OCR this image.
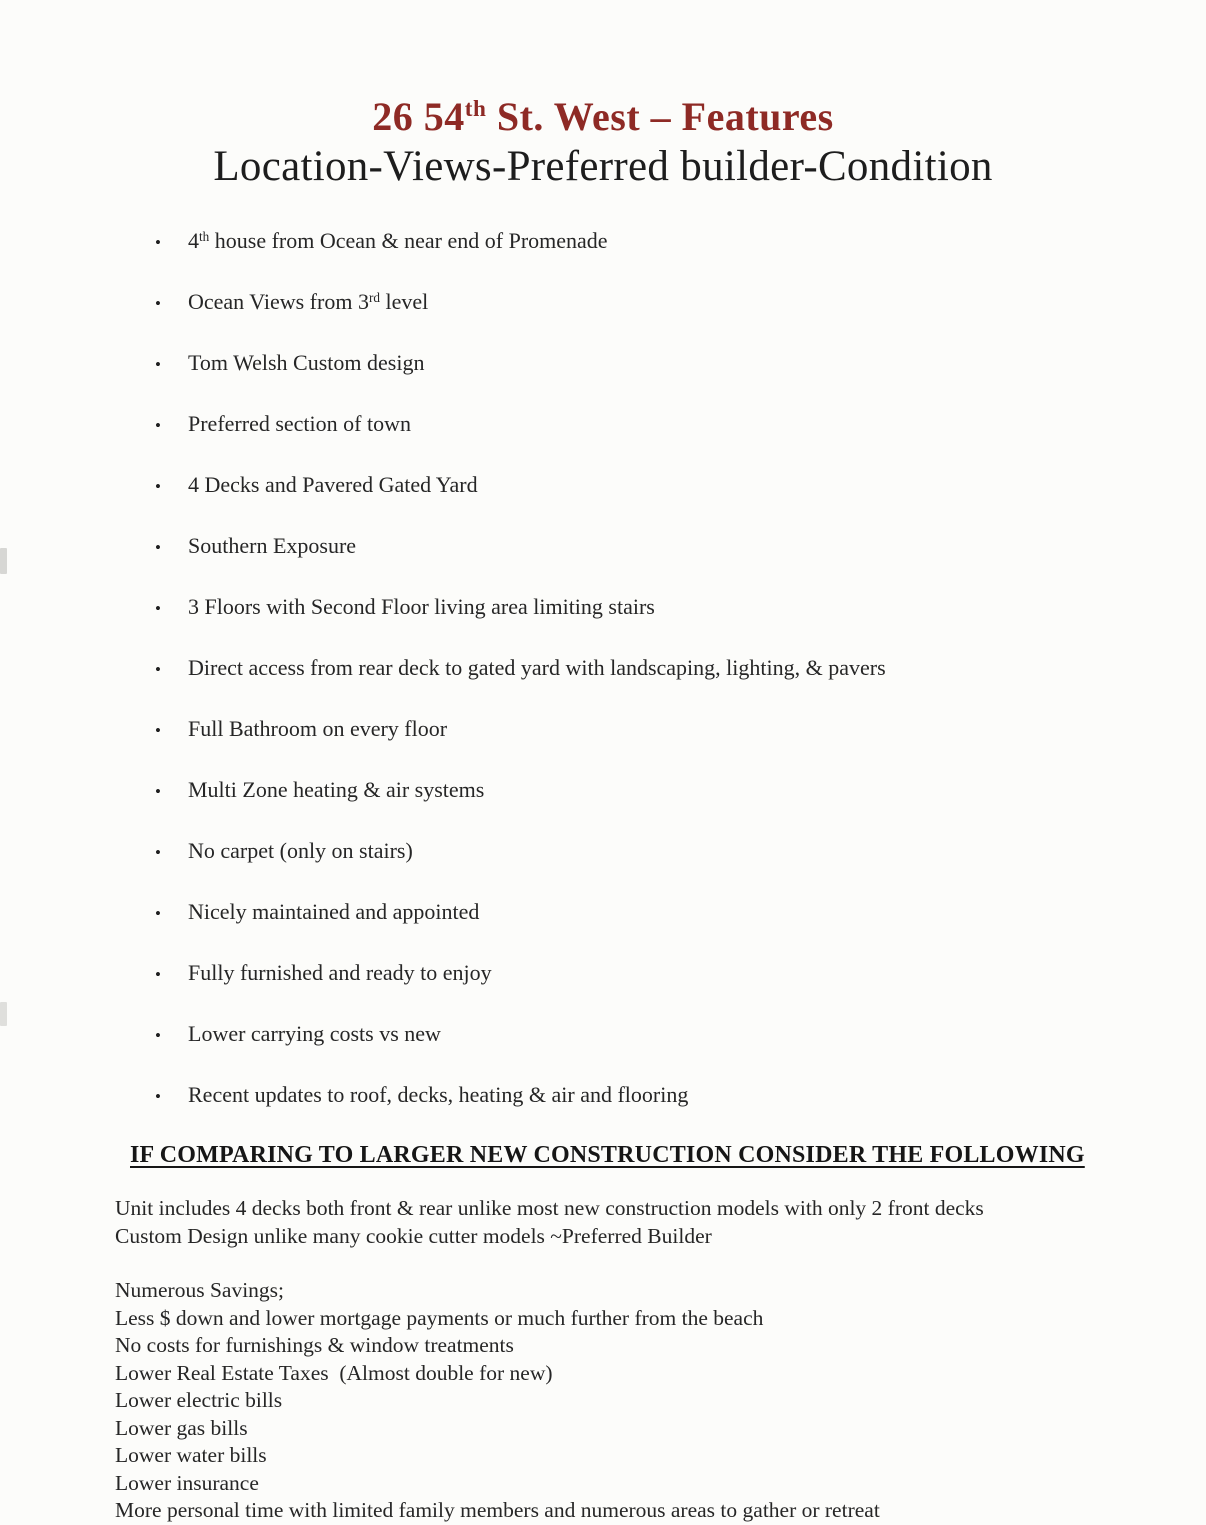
26 54th St. West – Features
Location-Views-Preferred builder-Condition
• 4th house from Ocean & near end of Promenade
• Ocean Views from 3rd level
• Tom Welsh Custom design
• Preferred section of town
• 4 Decks and Pavered Gated Yard
• Southern Exposure
• 3 Floors with Second Floor living area limiting stairs
• Direct access from rear deck to gated yard with landscaping, lighting, & pavers
• Full Bathroom on every floor
• Multi Zone heating & air systems
• No carpet (only on stairs)
• Nicely maintained and appointed
• Fully furnished and ready to enjoy
• Lower carrying costs vs new
• Recent updates to roof, decks, heating & air and flooring
IF COMPARING TO LARGER NEW CONSTRUCTION CONSIDER THE FOLLOWING
Unit includes 4 decks both front & rear unlike most new construction models with only 2 front decks
Custom Design unlike many cookie cutter models ~Preferred Builder
Numerous Savings;
Less $ down and lower mortgage payments or much further from the beach
No costs for furnishings & window treatments
Lower Real Estate Taxes  (Almost double for new)
Lower electric bills
Lower gas bills
Lower water bills
Lower insurance
More personal time with limited family members and numerous areas to gather or retreat
